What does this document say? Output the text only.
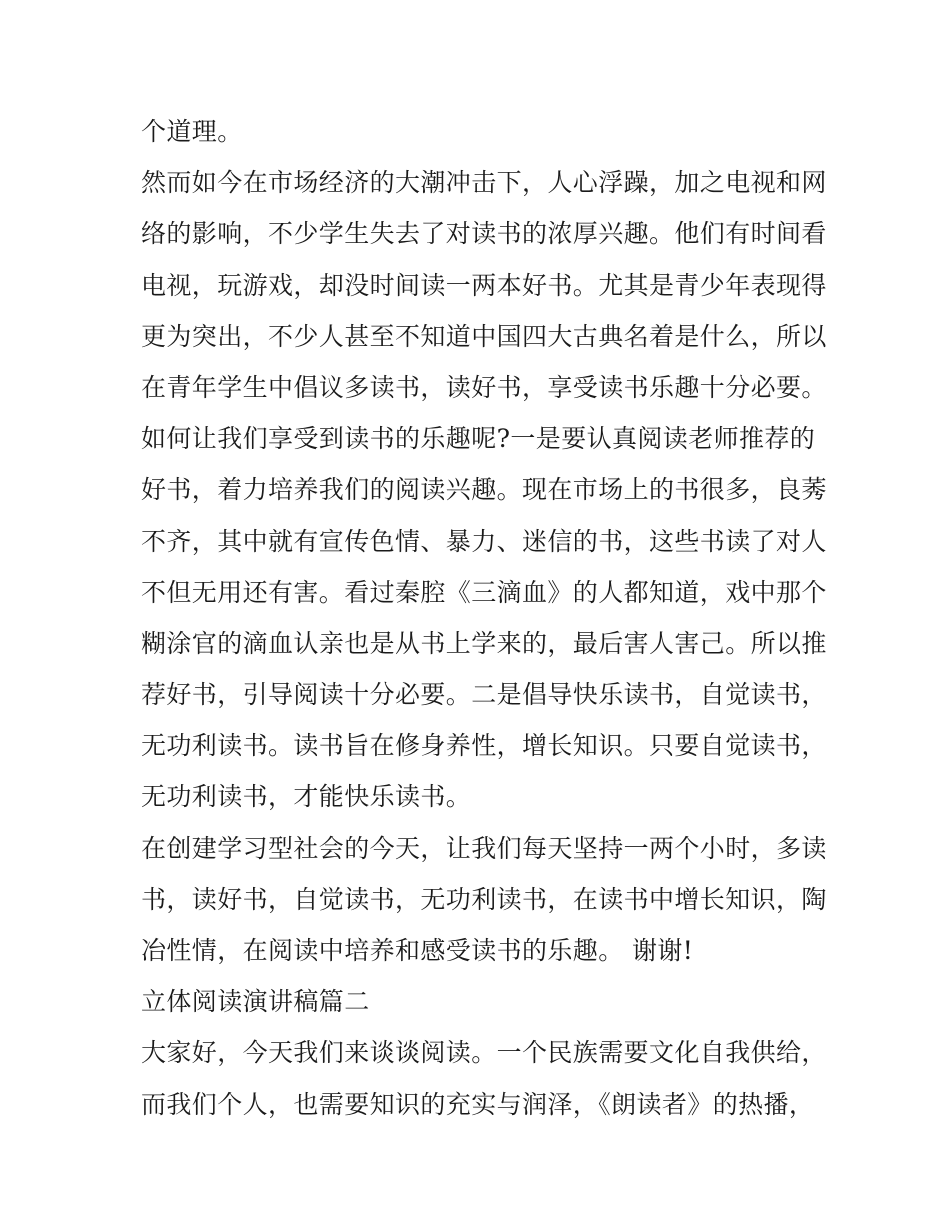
个道理。
然而如今在市场经济的大潮冲击下，人心浮躁，加之电视和网
络的影响，不少学生失去了对读书的浓厚兴趣。他们有时间看
电视，玩游戏，却没时间读一两本好书。尤其是青少年表现得
更为突出，不少人甚至不知道中国四大古典名着是什么，所以
在青年学生中倡议多读书，读好书，享受读书乐趣十分必要。
如何让我们享受到读书的乐趣呢?一是要认真阅读老师推荐的
好书，着力培养我们的阅读兴趣。现在市场上的书很多，良莠
不齐，其中就有宣传色情、暴力、迷信的书，这些书读了对人
不但无用还有害。看过秦腔《三滴血》的人都知道，戏中那个
糊涂官的滴血认亲也是从书上学来的，最后害人害己。所以推
荐好书，引导阅读十分必要。二是倡导快乐读书，自觉读书，
无功利读书。读书旨在修身养性，增长知识。只要自觉读书，
无功利读书，才能快乐读书。
在创建学习型社会的今天，让我们每天坚持一两个小时，多读
书，读好书，自觉读书，无功利读书，在读书中增长知识，陶
冶性情，在阅读中培养和感受读书的乐趣。 谢谢!
立体阅读演讲稿篇二
大家好，今天我们来谈谈阅读。一个民族需要文化自我供给，
而我们个人，也需要知识的充实与润泽，《朗读者》的热播，
